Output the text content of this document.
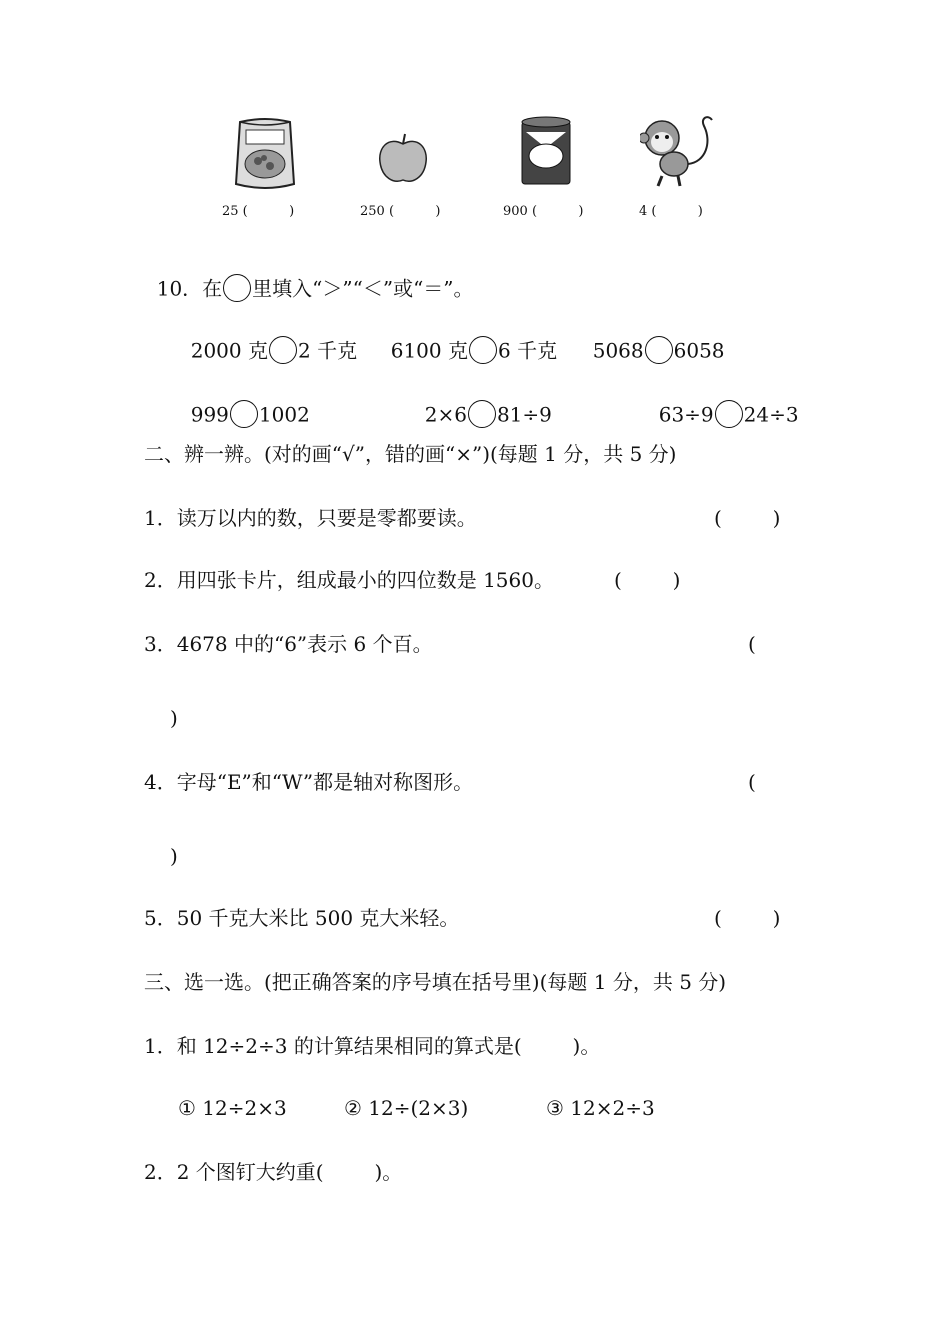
25 (          )	250 (          )	900 (          )	4 (          )

10．在 里填入“＞”“＜”或“＝”。

2000 克 2 千克	6100 克 6 千克	5068 6058

999 1002	2×6 81÷9	63÷9 24÷3

二、辨一辨。(对的画“√”，错的画“×”)(每题 1 分，共 5 分)
1．读万以内的数，只要是零都要读。	(        )
2．用四张卡片，组成最小的四位数是 1560。	(        )
3．4678 中的“6”表示 6 个百。	(
)
4．字母“E”和“W”都是轴对称图形。	(
)
5．50 千克大米比 500 克大米轻。	(        )
三、选一选。(把正确答案的序号填在括号里)(每题 1 分，共 5 分)
1．和 12÷2÷3 的计算结果相同的算式是(        )。
① 12÷2×3	② 12÷(2×3)	③ 12×2÷3
2．2 个图钉大约重(        )。
